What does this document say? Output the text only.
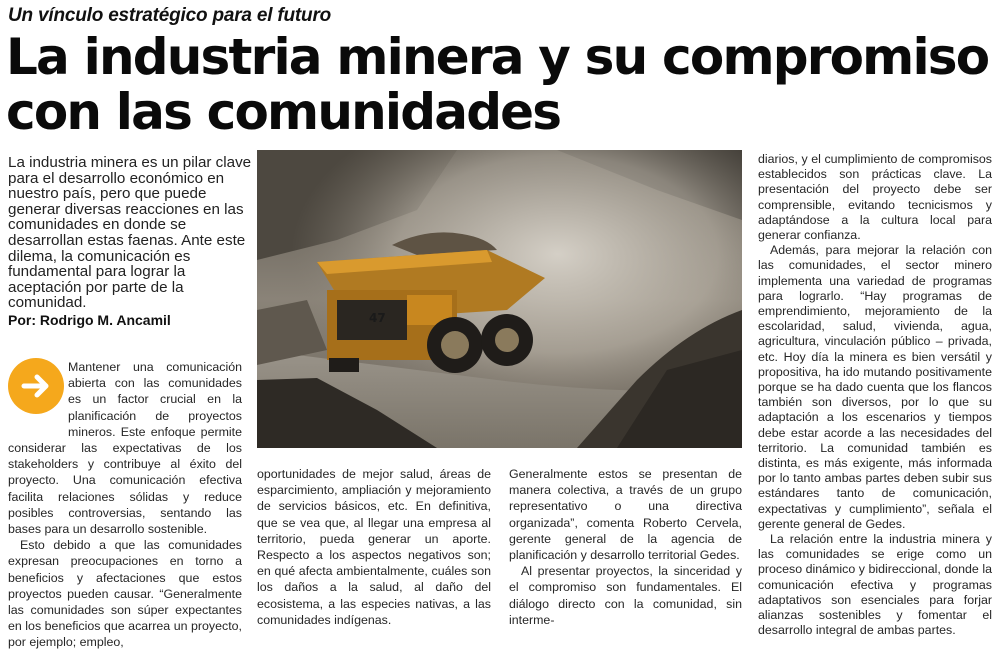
Un vínculo estratégico para el futuro
La industria minera y su compromiso con las comunidades
La industria minera es un pilar clave para el desarrollo económico en nuestro país, pero que puede generar diversas reacciones en las comunidades en donde se desarrollan estas faenas. Ante este dilema, la comunicación es fundamental para lograr la aceptación por parte de la comunidad.
Por: Rodrigo M. Ancamil	47

Mantener una comunicación abierta con las comunidades es un factor crucial en la planificación de proyectos mineros. Este enfoque permite considerar las expectativas de los stakeholders y contribuye al éxito del proyecto. Una comunicación efectiva facilita relaciones sólidas y reduce posibles controversias, sentando las bases para un desarrollo sostenible.

Esto debido a que las comunidades expresan preocupaciones en torno a beneficios y afectaciones que estos proyectos pueden causar. “Generalmente las comunidades son súper expectantes en los beneficios que acarrea un proyecto, por ejemplo; empleo,

oportunidades de mejor salud, áreas de esparcimiento, ampliación y mejoramiento de servicios básicos, etc. En definitiva, que se vea que, al llegar una empresa al territorio, pueda generar un aporte. Respecto a los aspectos negativos son; en qué afecta ambientalmente, cuáles son los daños a la salud, al daño del ecosistema, a las especies nativas, a las comunidades indígenas.

Generalmente estos se presentan de manera colectiva, a través de un grupo representativo o una directiva organizada”, comenta Roberto Cervela, gerente general de la agencia de planificación y desarrollo territorial Gedes.

Al presentar proyectos, la sinceridad y el compromiso son fundamentales. El diálogo directo con la comunidad, sin interme-

diarios, y el cumplimiento de compromisos establecidos son prácticas clave. La presentación del proyecto debe ser comprensible, evitando tecnicismos y adaptándose a la cultura local para generar confianza.

Además, para mejorar la relación con las comunidades, el sector minero implementa una variedad de programas para lograrlo. “Hay programas de emprendimiento, mejoramiento de la escolaridad, salud, vivienda, agua, agricultura, vinculación público – privada, etc. Hoy día la minera es bien versátil y propositiva, ha ido mutando positivamente porque se ha dado cuenta que los flancos también son diversos, por lo que su adaptación a los escenarios y tiempos debe estar acorde a las necesidades del territorio. La comunidad también es distinta, es más exigente, más informada por lo tanto ambas partes deben subir sus estándares tanto de comunicación, expectativas y cumplimiento”, señala el gerente general de Gedes.

La relación entre la industria minera y las comunidades se erige como un proceso dinámico y bidireccional, donde la comunicación efectiva y programas adaptativos son esenciales para forjar alianzas sostenibles y fomentar el desarrollo integral de ambas partes.
